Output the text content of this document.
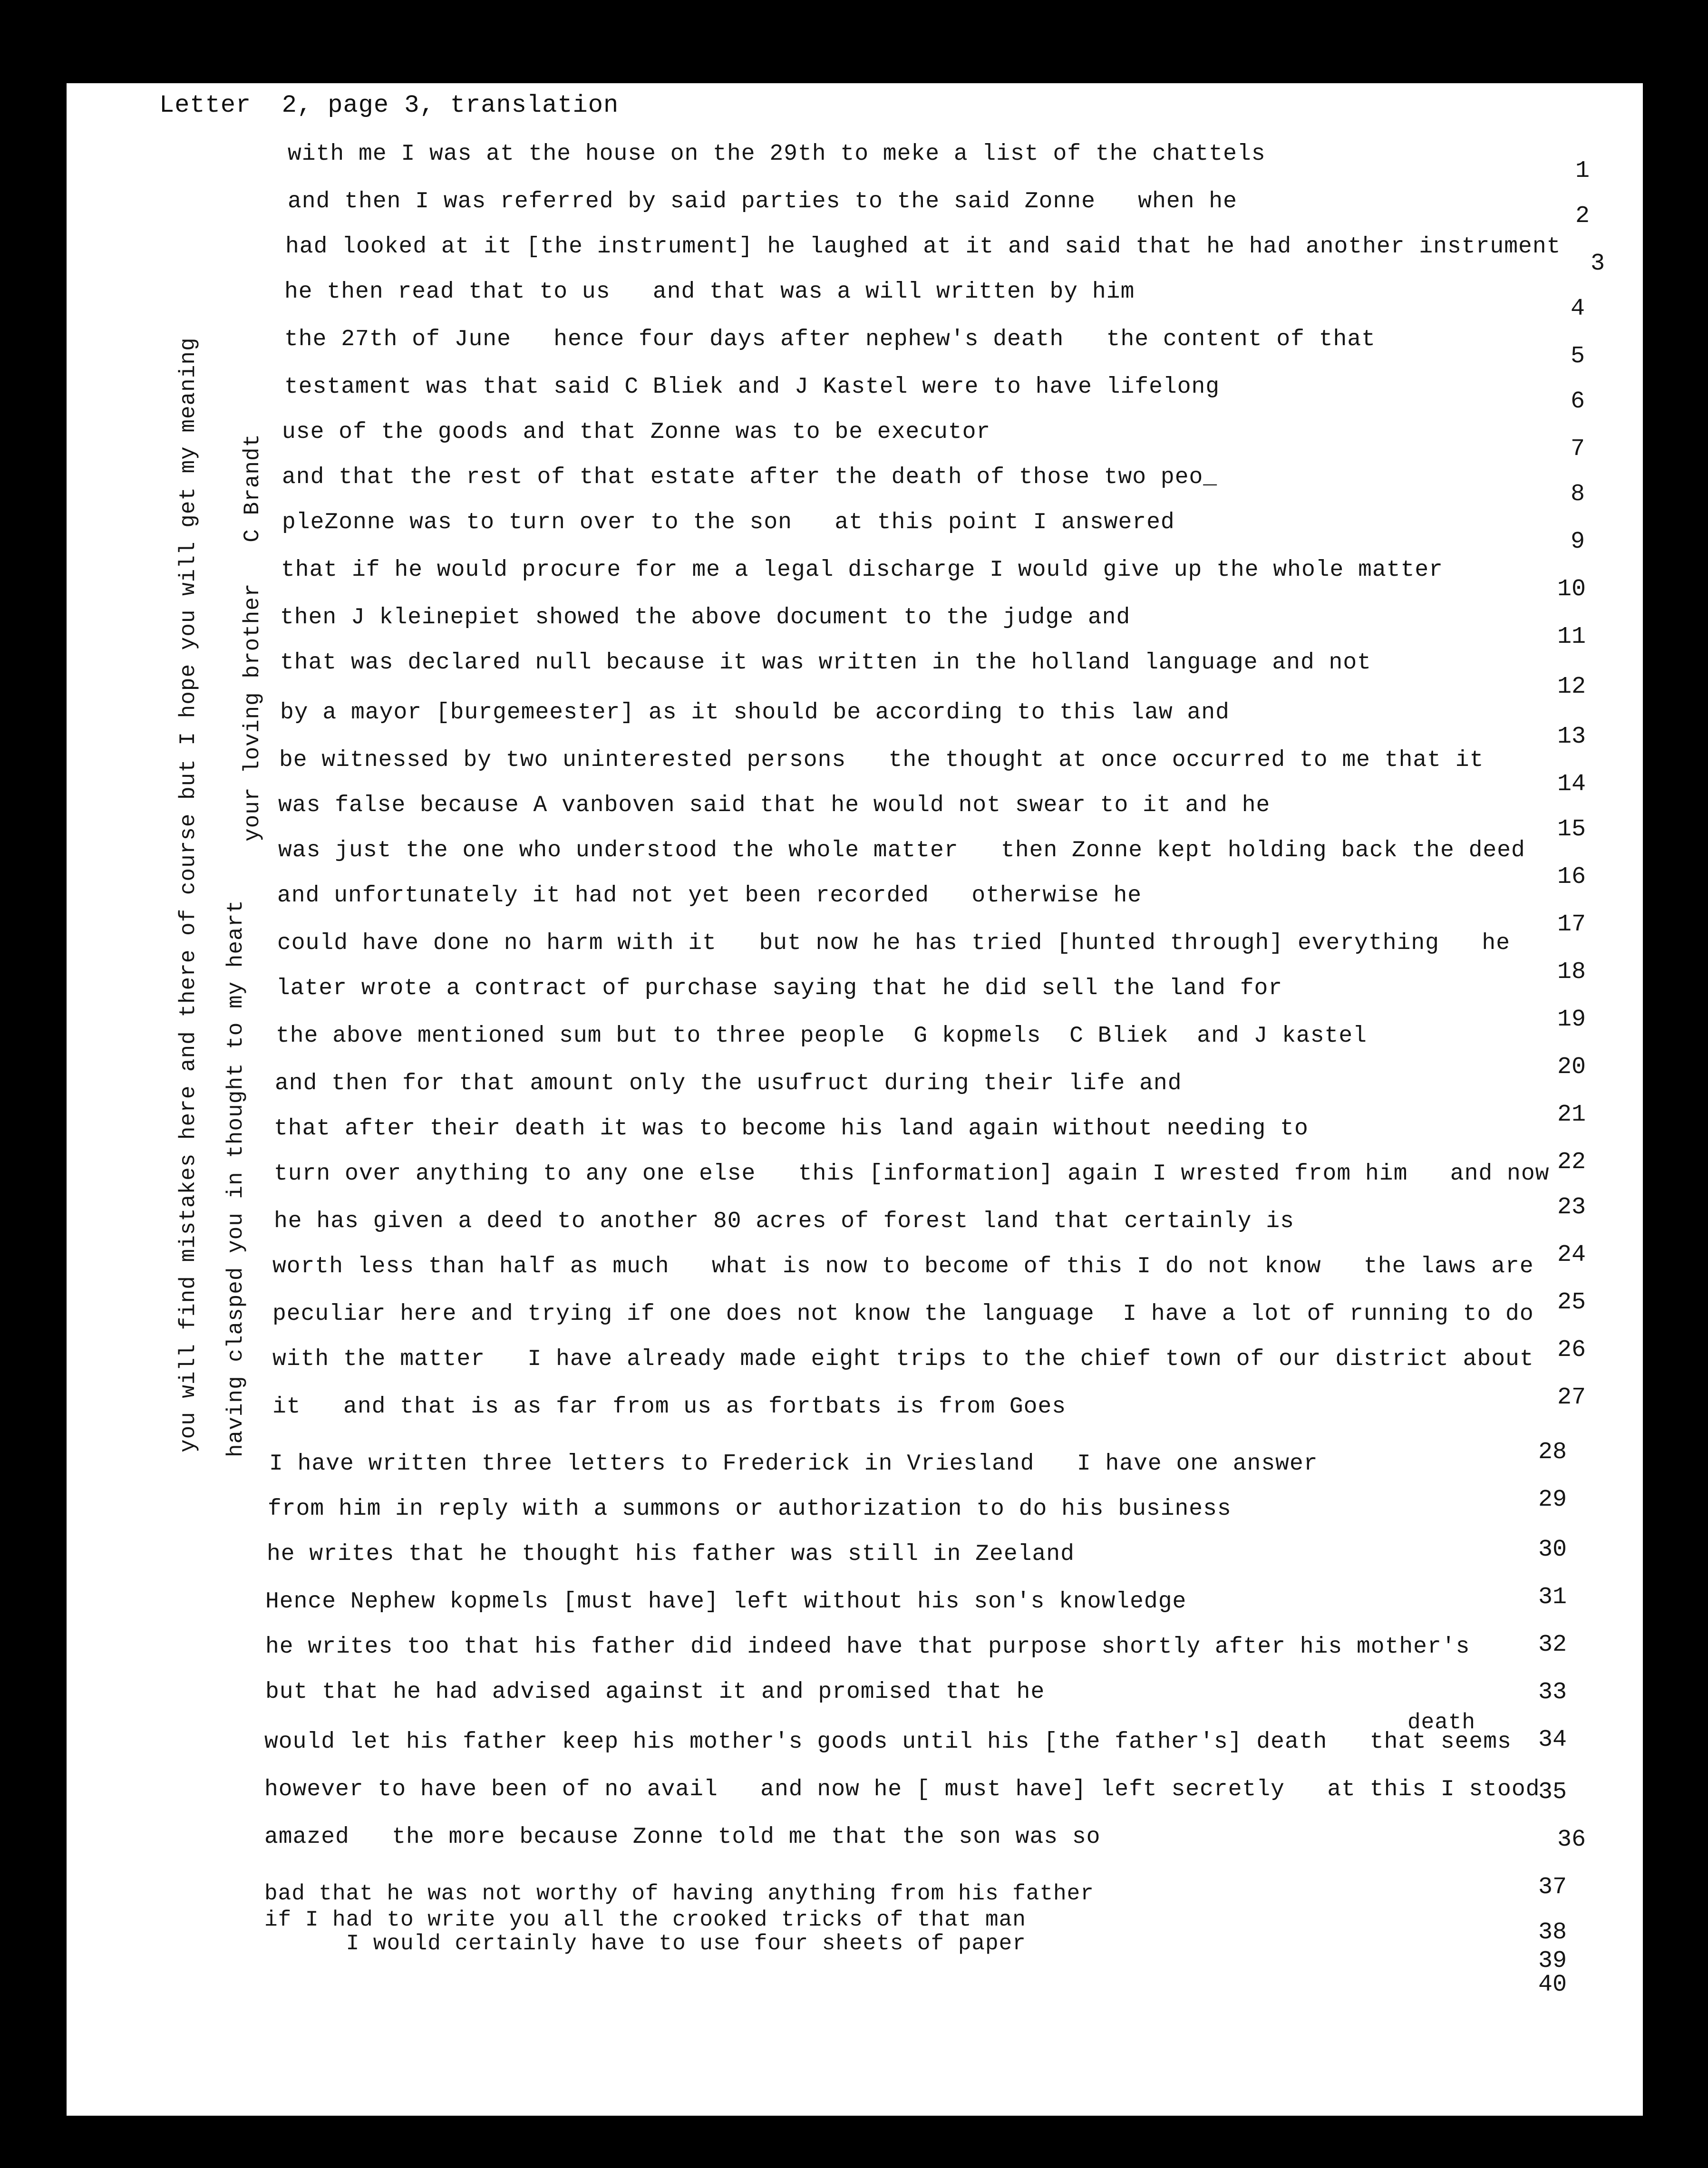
Letter  2, page 3, translation
with me I was at the house on the 29th to meke a list of the chattels
1
and then I was referred by said parties to the said Zonne   when he
2
had looked at it [the instrument] he laughed at it and said that he had another instrument
3
he then read that to us   and that was a will written by him
4
the 27th of June   hence four days after nephew's death   the content of that
5
testament was that said C Bliek and J Kastel were to have lifelong
6
use of the goods and that Zonne was to be executor
7
and that the rest of that estate after the death of those two peo_
8
pleZonne was to turn over to the son   at this point I answered
9
that if he would procure for me a legal discharge I would give up the whole matter
10
then J kleinepiet showed the above document to the judge and
11
that was declared null because it was written in the holland language and not
12
by a mayor [burgemeester] as it should be according to this law and
13
be witnessed by two uninterested persons   the thought at once occurred to me that it
14
was false because A vanboven said that he would not swear to it and he
15
was just the one who understood the whole matter   then Zonne kept holding back the deed
16
and unfortunately it had not yet been recorded   otherwise he
17
could have done no harm with it   but now he has tried [hunted through] everything   he
18
later wrote a contract of purchase saying that he did sell the land for
19
the above mentioned sum but to three people  G kopmels  C Bliek  and J kastel
20
and then for that amount only the usufruct during their life and
21
that after their death it was to become his land again without needing to
22
turn over anything to any one else   this [information] again I wrested from him   and now
23
he has given a deed to another 80 acres of forest land that certainly is
24
worth less than half as much   what is now to become of this I do not know   the laws are
25
peculiar here and trying if one does not know the language  I have a lot of running to do
26
with the matter   I have already made eight trips to the chief town of our district about
27
it   and that is as far from us as fortbats is from Goes
28
I have written three letters to Frederick in Vriesland   I have one answer
29
from him in reply with a summons or authorization to do his business
30
he writes that he thought his father was still in Zeeland
31
Hence Nephew kopmels [must have] left without his son's knowledge
32
he writes too that his father did indeed have that purpose shortly after his mother's
33
but that he had advised against it and promised that he
34
would let his father keep his mother's goods until his [the father's] death   that seems
35
however to have been of no avail   and now he [ must have] left secretly   at this I stood
36
amazed   the more because Zonne told me that the son was so
37
bad that he was not worthy of having anything from his father
38
if I had to write you all the crooked tricks of that man
39
I would certainly have to use four sheets of paper
40
death
you will find mistakes here and there of course but I hope you will get my meaning having clasped you in thought to my heart
your loving brother   C Brandt
